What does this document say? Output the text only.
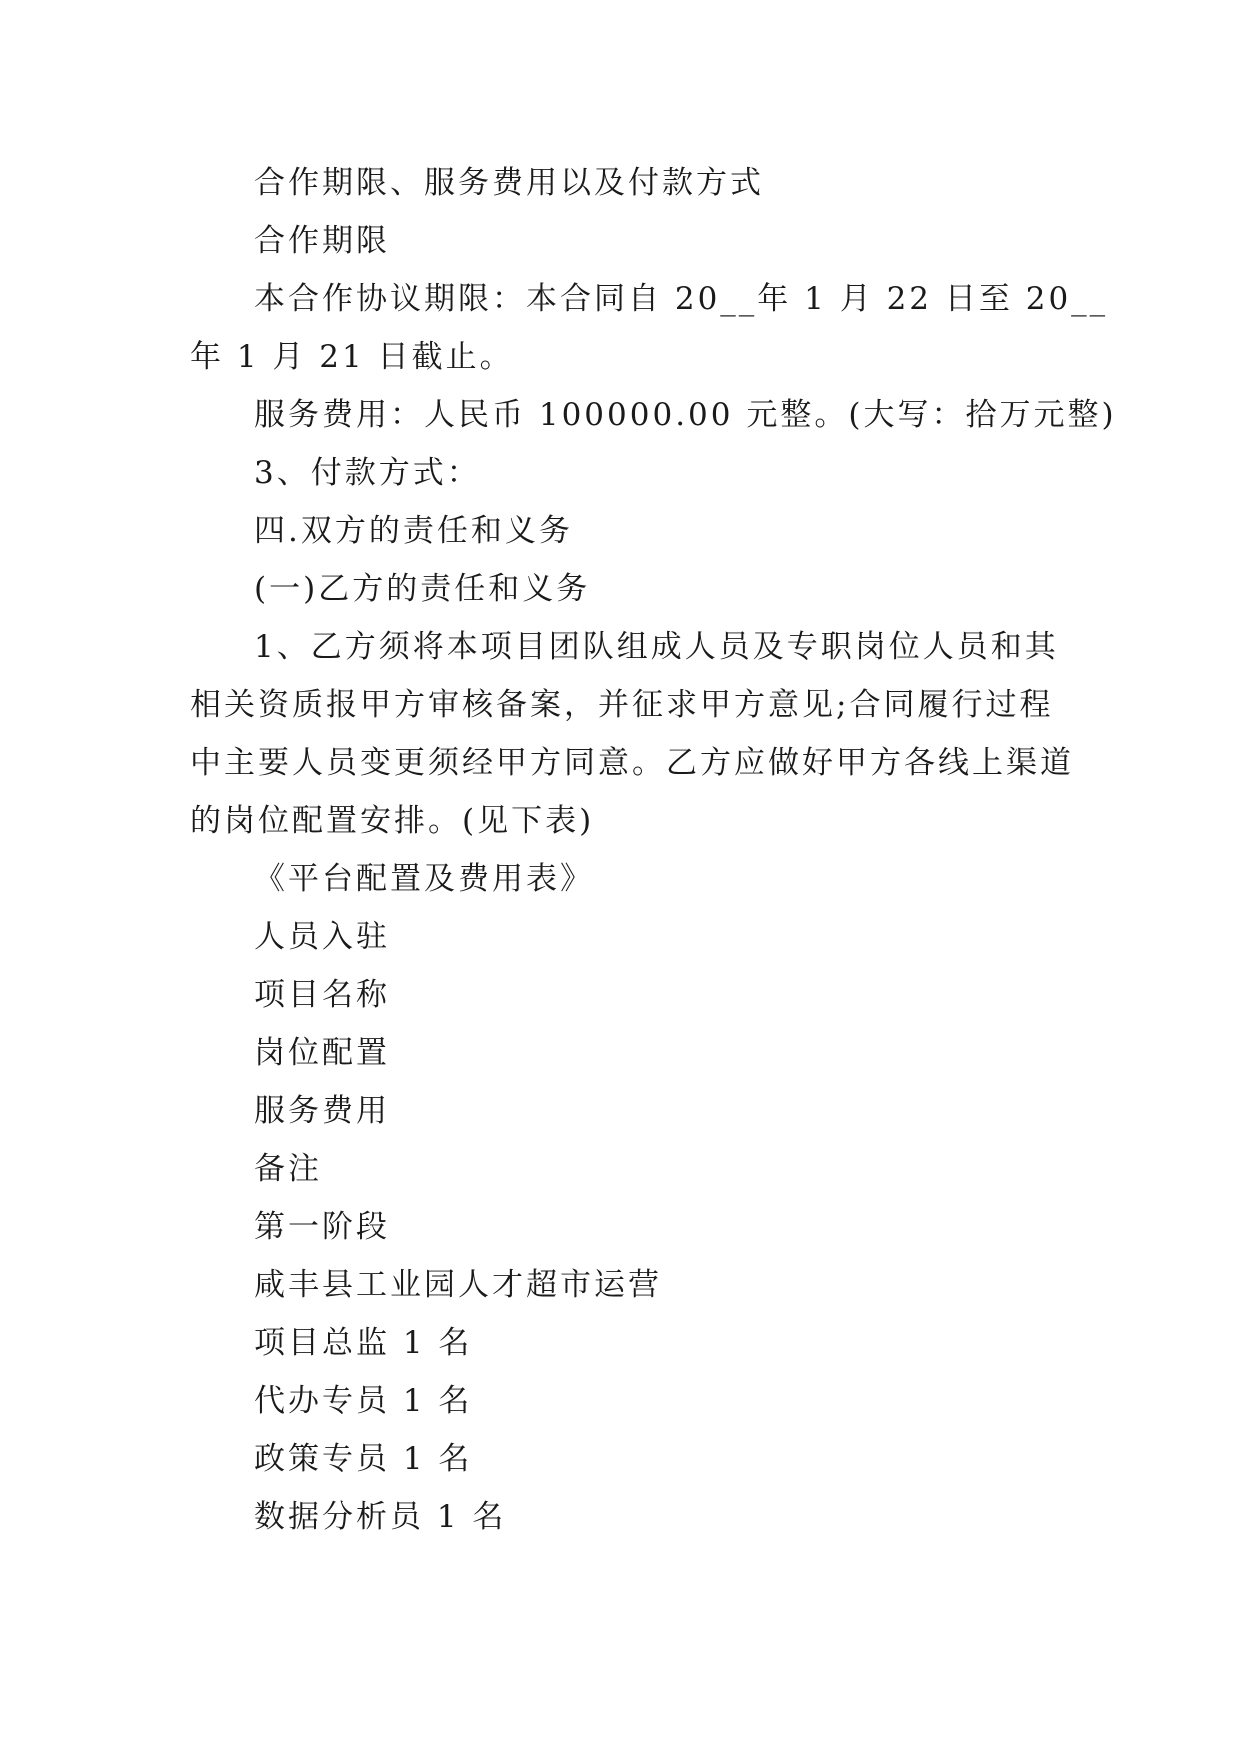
合作期限、服务费用以及付款方式
合作期限
本合作协议期限：本合同自 20__年 1 月 22 日至 20__
年 1 月 21 日截止。
服务费用：人民币 100000.00 元整。(大写：拾万元整)
3、付款方式：
四.双方的责任和义务
(一)乙方的责任和义务
1、乙方须将本项目团队组成人员及专职岗位人员和其
相关资质报甲方审核备案，并征求甲方意见;合同履行过程
中主要人员变更须经甲方同意。乙方应做好甲方各线上渠道
的岗位配置安排。(见下表)
《平台配置及费用表》
人员入驻
项目名称
岗位配置
服务费用
备注
第一阶段
咸丰县工业园人才超市运营
项目总监 1 名
代办专员 1 名
政策专员 1 名
数据分析员 1 名
